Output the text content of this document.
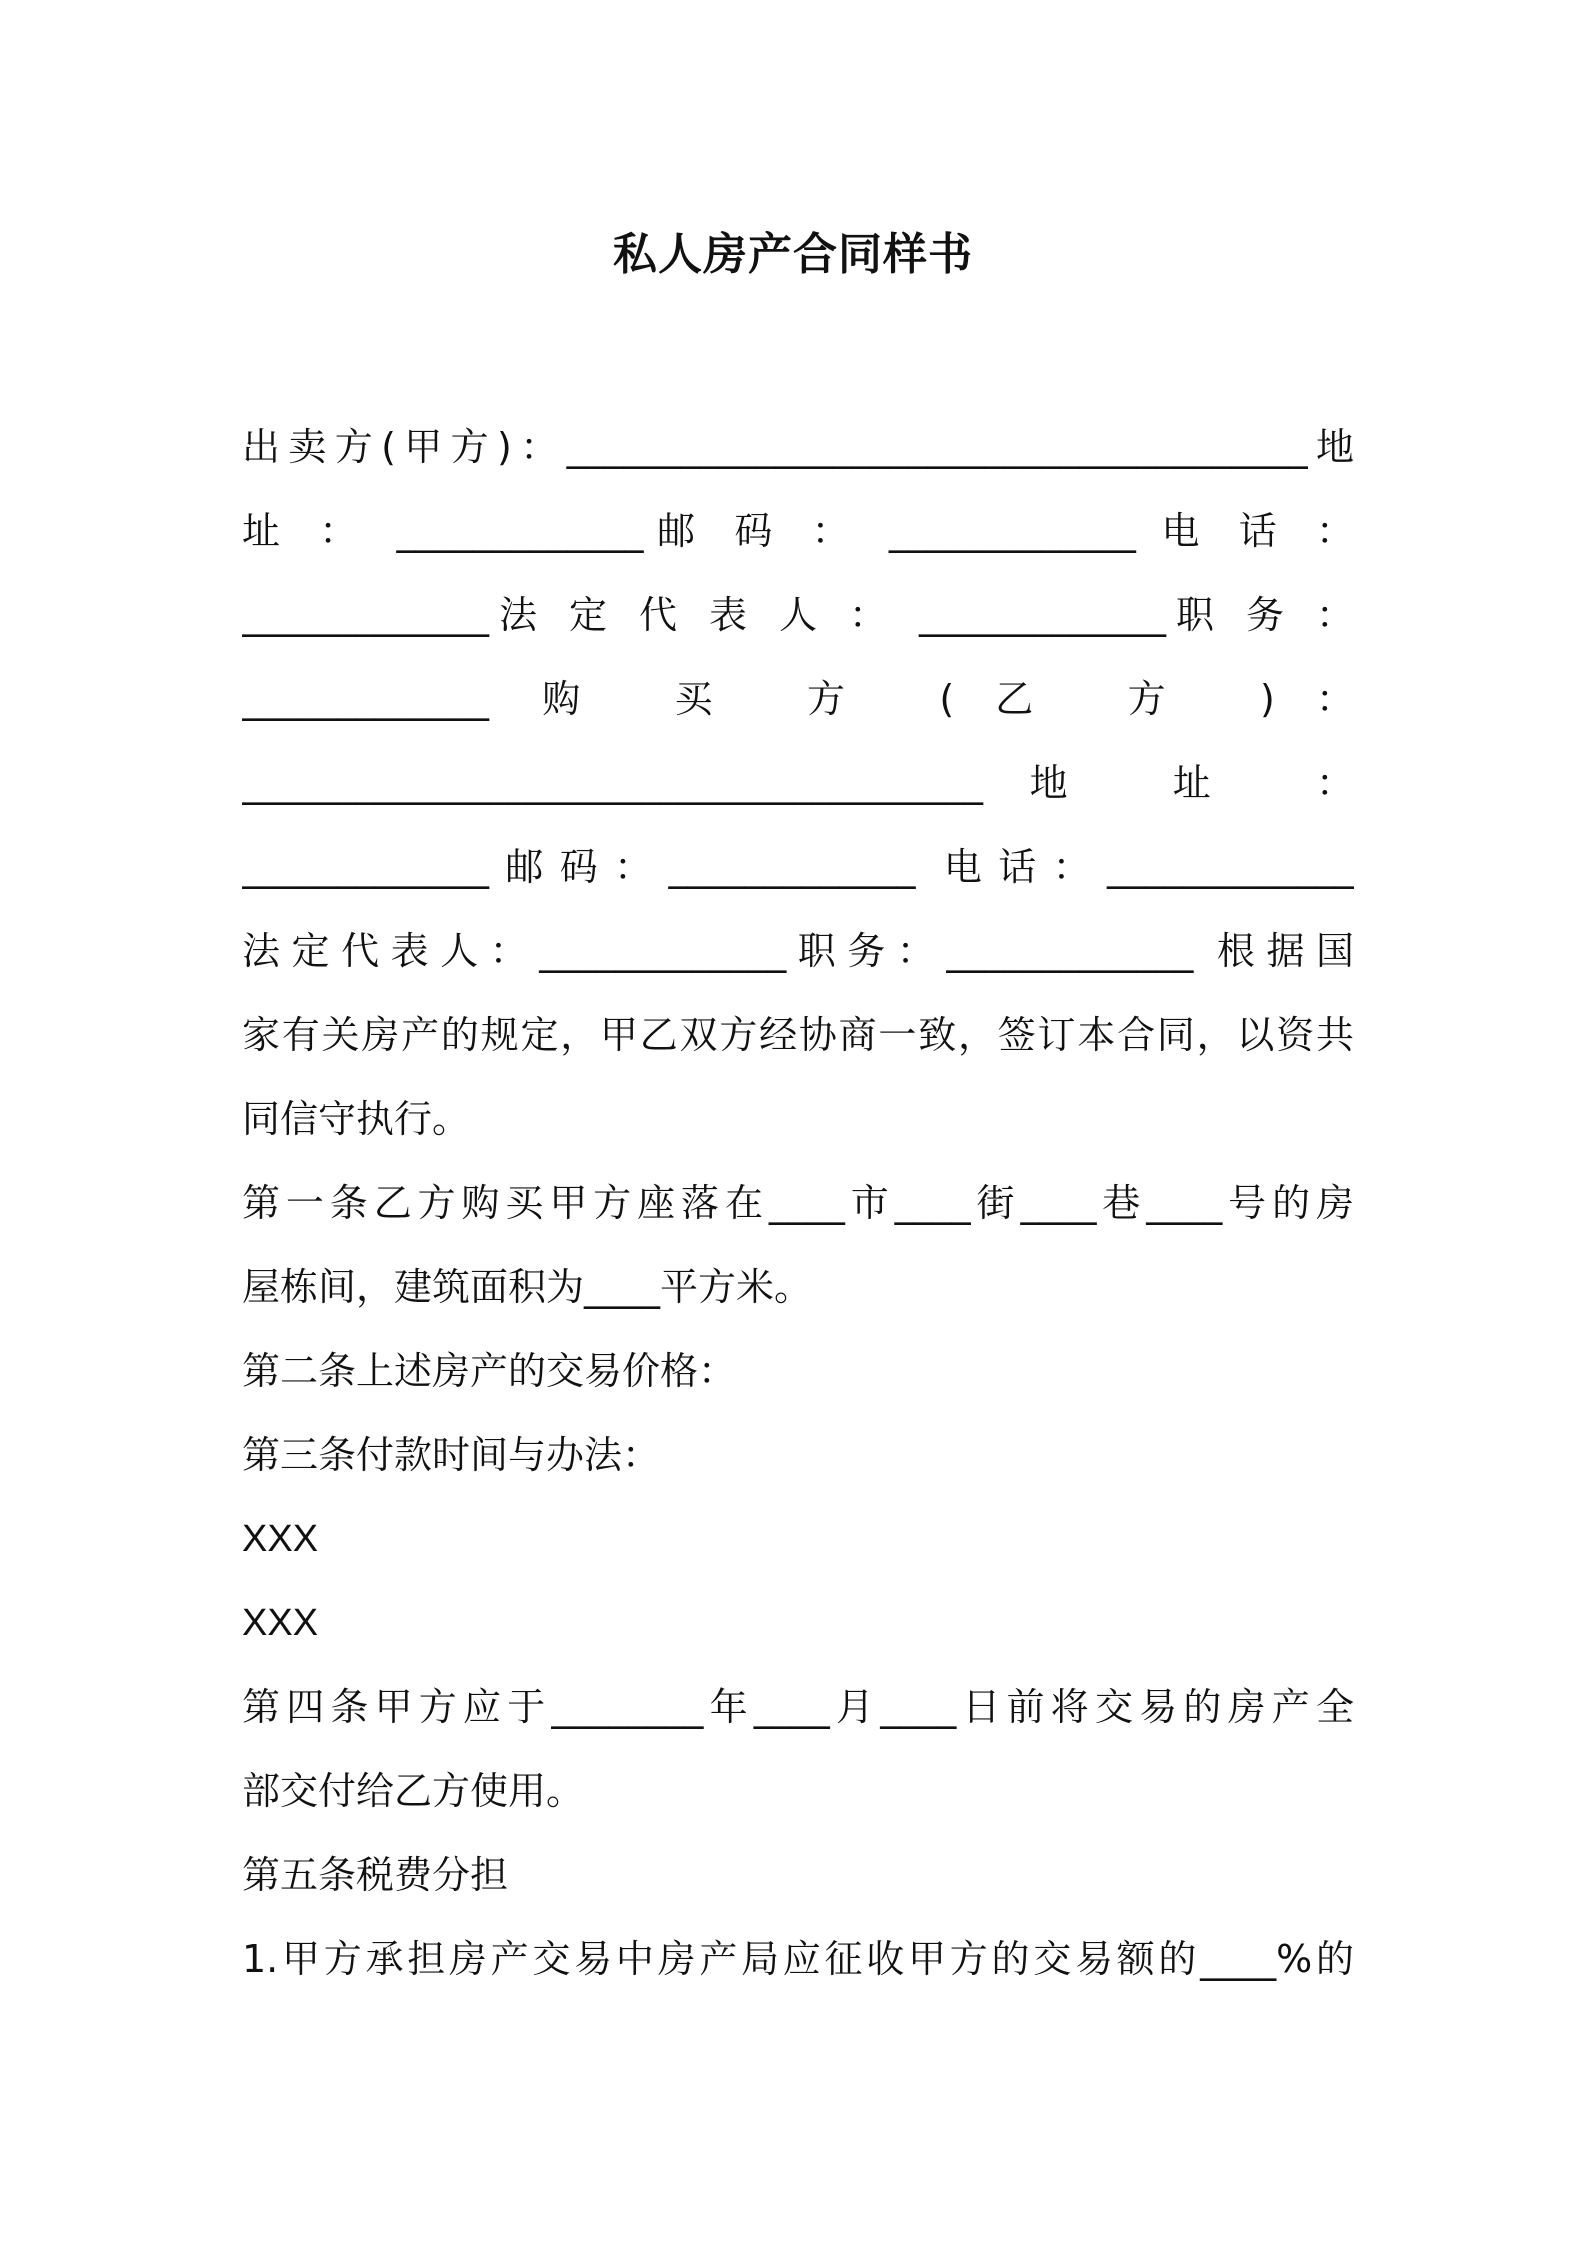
私人房产合同样书
出卖方(甲方)：_______________________________________地
址 ： _____________邮 码 ： _____________ 电 话 ：
_____________法 定 代 表 人 ： _____________职 务 ：
_____________ 购 买 方 (乙 方 )：
_______________________________________地 址 ：
_____________邮码：_____________ 电话：_____________
法定代表人：_____________职务：_____________ 根据国
家有关房产的规定，甲乙双方经协商一致，签订本合同，以资共
同信守执行。
第一条乙方购买甲方座落在____市____街____巷____号的房
屋栋间，建筑面积为____平方米。
第二条上述房产的交易价格：
第三条付款时间与办法：
XXX
XXX
第四条甲方应于________年____月____日前将交易的房产全
部交付给乙方使用。
第五条税费分担
1.甲方承担房产交易中房产局应征收甲方的交易额的____%的
